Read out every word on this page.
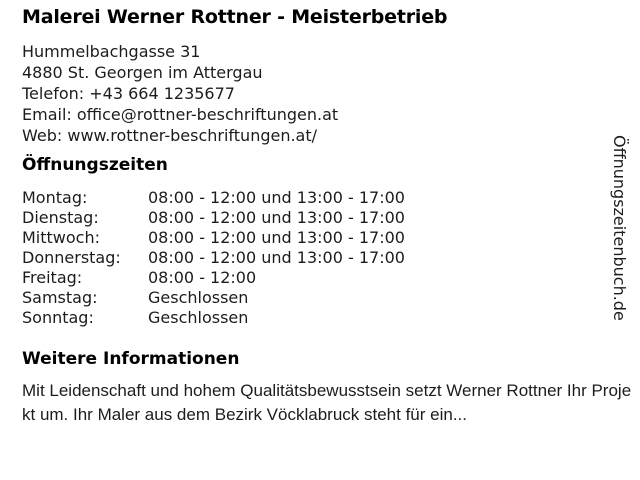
Malerei Werner Rottner - Meisterbetrieb
Hummelbachgasse 31
4880 St. Georgen im Attergau
Telefon: +43 664 1235677
Email: office@rottner-beschriftungen.at
Web: www.rottner-beschriftungen.at/
Öffnungszeiten
Montag:	08:00 - 12:00 und 13:00 - 17:00
Dienstag:	08:00 - 12:00 und 13:00 - 17:00
Mittwoch:	08:00 - 12:00 und 13:00 - 17:00
Donnerstag:	08:00 - 12:00 und 13:00 - 17:00
Freitag:	08:00 - 12:00
Samstag:	Geschlossen
Sonntag:	Geschlossen
Weitere Informationen

Mit Leidenschaft und hohem Qualitätsbewusstsein setzt Werner Rottner Ihr Projekt um. Ihr Maler aus dem Bezirk Vöcklabruck steht für ein...

Öffnungszeitenbuch.de
